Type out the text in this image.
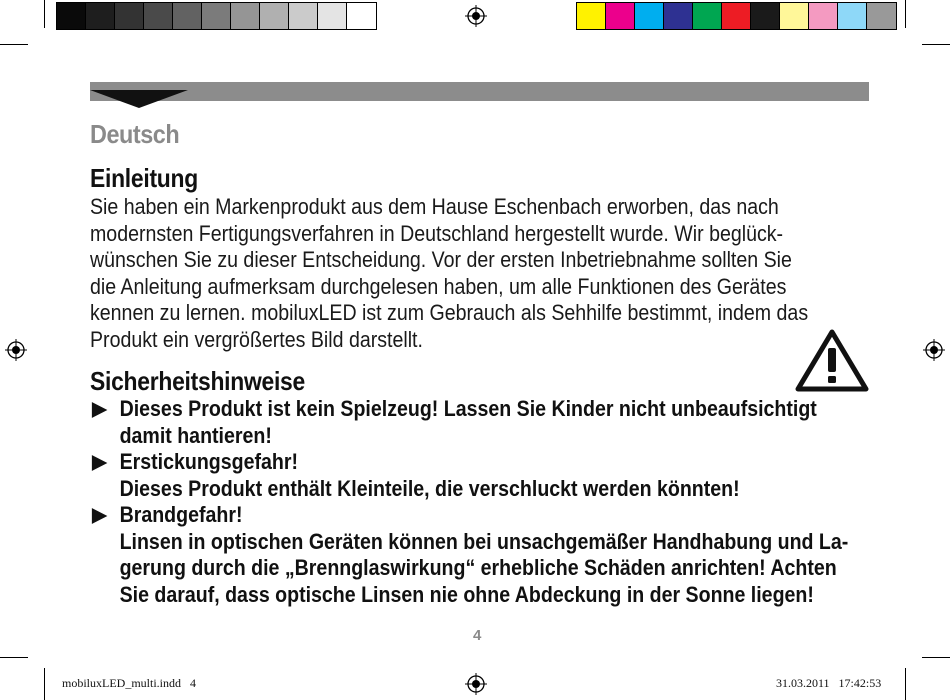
Deutsch
Einleitung
Sie haben ein Markenprodukt aus dem Hause Eschenbach erworben, das nach
modernsten Fertigungsverfahren in Deutschland hergestellt wurde. Wir beglück-
wünschen Sie zu dieser Entscheidung. Vor der ersten Inbetriebnahme sollten Sie
die Anleitung aufmerksam durchgelesen haben, um alle Funktionen des Gerätes
kennen zu lernen. mobiluxLED ist zum Gebrauch als Sehhilfe bestimmt, indem das
Produkt ein vergrößertes Bild darstellt.
Sicherheitshinweise
Dieses Produkt ist kein Spielzeug! Lassen Sie Kinder nicht unbeaufsichtigt
damit hantieren!
Erstickungsgefahr!
Dieses Produkt enthält Kleinteile, die verschluckt werden könnten!
Brandgefahr!
Linsen in optischen Geräten können bei unsachgemäßer Handhabung und La-
gerung durch die „Brennglaswirkung“ erhebliche Schäden anrichten! Achten
Sie darauf, dass optische Linsen nie ohne Abdeckung in der Sonne liegen!
4
mobiluxLED_multi.indd   4	31.03.2011   17:42:53
